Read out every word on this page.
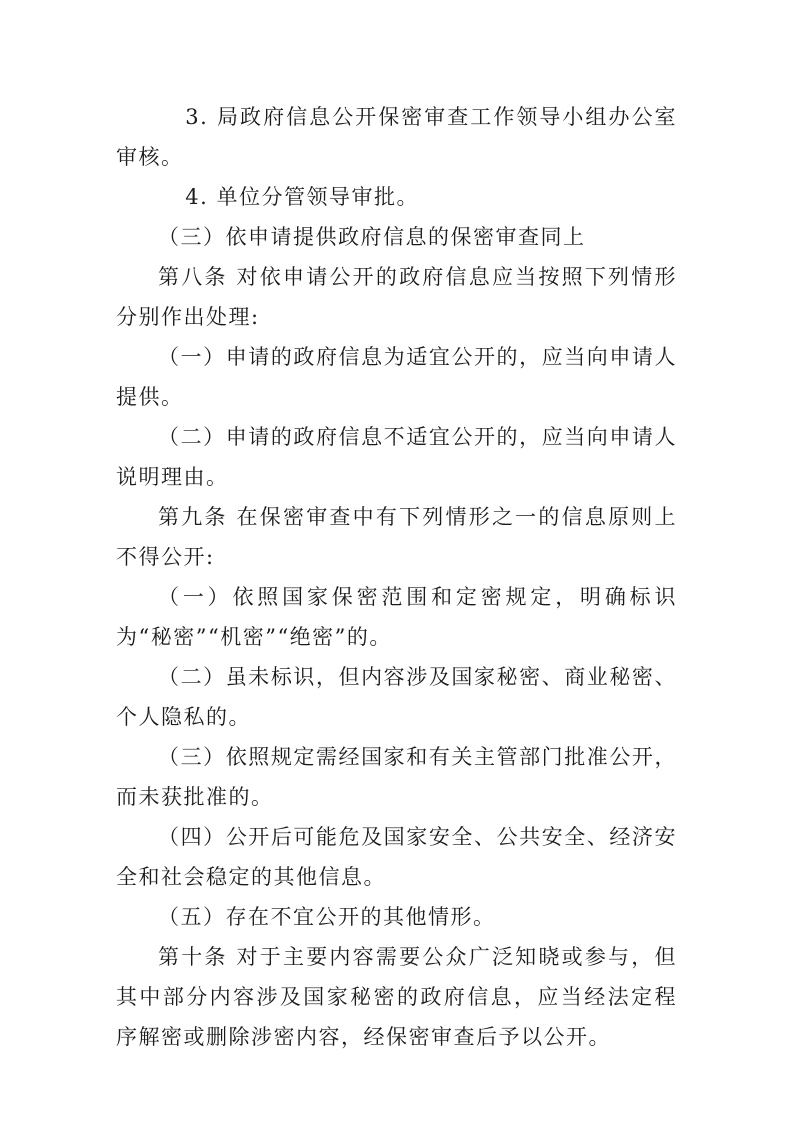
3. 局政府信息公开保密审查工作领导小组办公室审核。

4. 单位分管领导审批。

（三）依申请提供政府信息的保密审查同上

第八条 对依申请公开的政府信息应当按照下列情形分别作出处理:

（一）申请的政府信息为适宜公开的，应当向申请人提供。

（二）申请的政府信息不适宜公开的，应当向申请人说明理由。

第九条 在保密审查中有下列情形之一的信息原则上不得公开:

（一）依照国家保密范围和定密规定，明确标识为“秘密”“机密”“绝密”的。

（二）虽未标识，但内容涉及国家秘密、商业秘密、个人隐私的。

（三）依照规定需经国家和有关主管部门批准公开，而未获批准的。

（四）公开后可能危及国家安全、公共安全、经济安全和社会稳定的其他信息。

（五）存在不宜公开的其他情形。

第十条 对于主要内容需要公众广泛知晓或参与，但其中部分内容涉及国家秘密的政府信息，应当经法定程序解密或删除涉密内容，经保密审查后予以公开。
